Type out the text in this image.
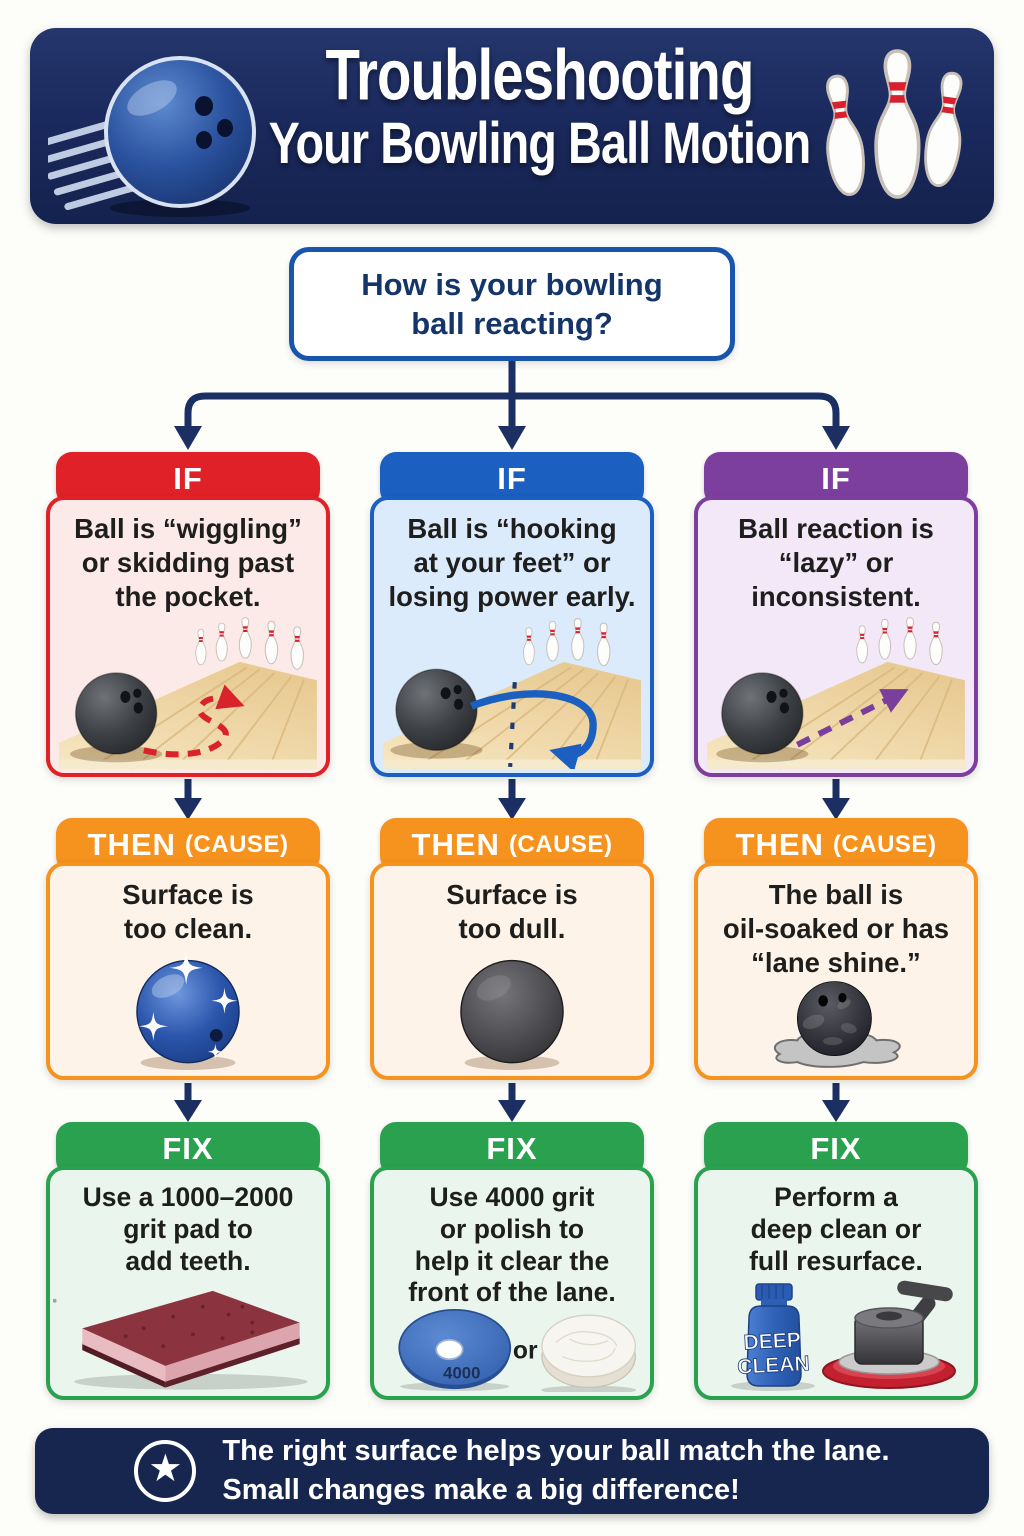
Troubleshooting
Your Bowling Ball Motion
How is your bowling
ball reacting?
IF
Ball is “wiggling”
or skidding past
the pocket.
IF
Ball is “hooking
at your feet” or
losing power early.
IF
Ball reaction is
“lazy” or
inconsistent.
THEN (CAUSE)
Surface is
too clean.
THEN (CAUSE)
Surface is
too dull.
THEN (CAUSE)
The ball is
oil-soaked or has
“lane shine.”
FIX
Use a 1000–2000
grit pad to
add teeth.
FIX
Use 4000 grit
or polish to
help it clear the
front of the lane.
4000
or
FIX
Perform a
deep clean or
full resurface.
DEEP
CLEAN
★ The right surface helps your ball match the lane.
Small changes make a big difference!
